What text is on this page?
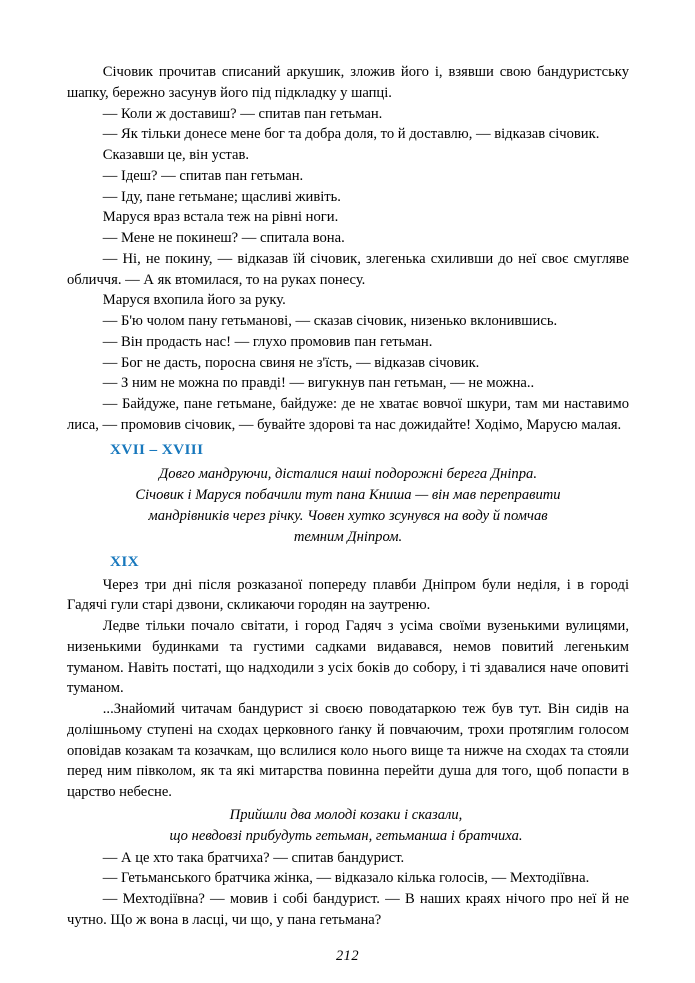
Січовик прочитав списаний аркушик, зложив його і, взявши свою бандуристську шапку, бережно засунув його під підкладку у шапці.

— Коли ж доставиш? — спитав пан гетьман.

— Як тільки донесе мене бог та добра доля, то й доставлю, — відказав січовик.

Сказавши це, він устав.

— Ідеш? — спитав пан гетьман.

— Іду, пане гетьмане; щасливі живіть.

Маруся враз встала теж на рівні ноги.

— Мене не покинеш? — спитала вона.

— Ні, не покину, — відказав їй січовик, злегенька схиливши до неї своє смугляве обличчя. — А як втомилася, то на руках понесу.

Маруся вхопила його за руку.

— Б'ю чолом пану гетьманові, — сказав січовик, низенько вклонившись.

— Він продасть нас! — глухо промовив пан гетьман.

— Бог не дасть, поросна свиня не з'їсть, — відказав січовик.

— З ним не можна по правді! — вигукнув пан гетьман, — не можна..

— Байдуже, пане гетьмане, байдуже: де не хватає вовчої шкури, там ми наставимо лиса, — промовив січовик, — бувайте здорові та нас дожидайте! Ходімо, Марусю малая.

XVII – XVIII
Довго мандруючи, дісталися наші подорожні берега Дніпра.
Січовик і Маруся побачили тут пана Книша — він мав переправити
мандрівників через річку. Човен хутко зсунувся на воду й помчав
темним Дніпром.
XIX

Через три дні після розказаної попереду плавби Дніпром були неділя, і в городі Гадячі гули старі дзвони, скликаючи городян на заутреню.

Ледве тільки почало світати, і город Гадяч з усіма своїми вузенькими вулицями, низенькими будинками та густими садками видавався, немов повитий легеньким туманом. Навіть постаті, що надходили з усіх боків до собору, і ті здавалися наче оповиті туманом.

...Знайомий читачам бандурист зі своєю поводатаркою теж був тут. Він сидів на долішньому ступені на сходах церковного ґанку й повчаючим, трохи протяглим голосом оповідав козакам та козачкам, що вслилися коло нього вище та нижче на сходах та стояли перед ним півколом, як та які митарства повинна перейти душа для того, щоб попасти в царство небесне.

Прийшли два молоді козаки і сказали,
що невдовзі прибудуть гетьман, гетьманша і братчиха.

— А це хто така братчиха? — спитав бандурист.

— Гетьманського братчика жінка, — відказало кілька голосів, — Мехтодіївна.

— Мехтодіївна? — мовив і собі бандурист. — В наших краях нічого про неї й не чутно. Що ж вона в ласці, чи що, у пана гетьмана?

212
